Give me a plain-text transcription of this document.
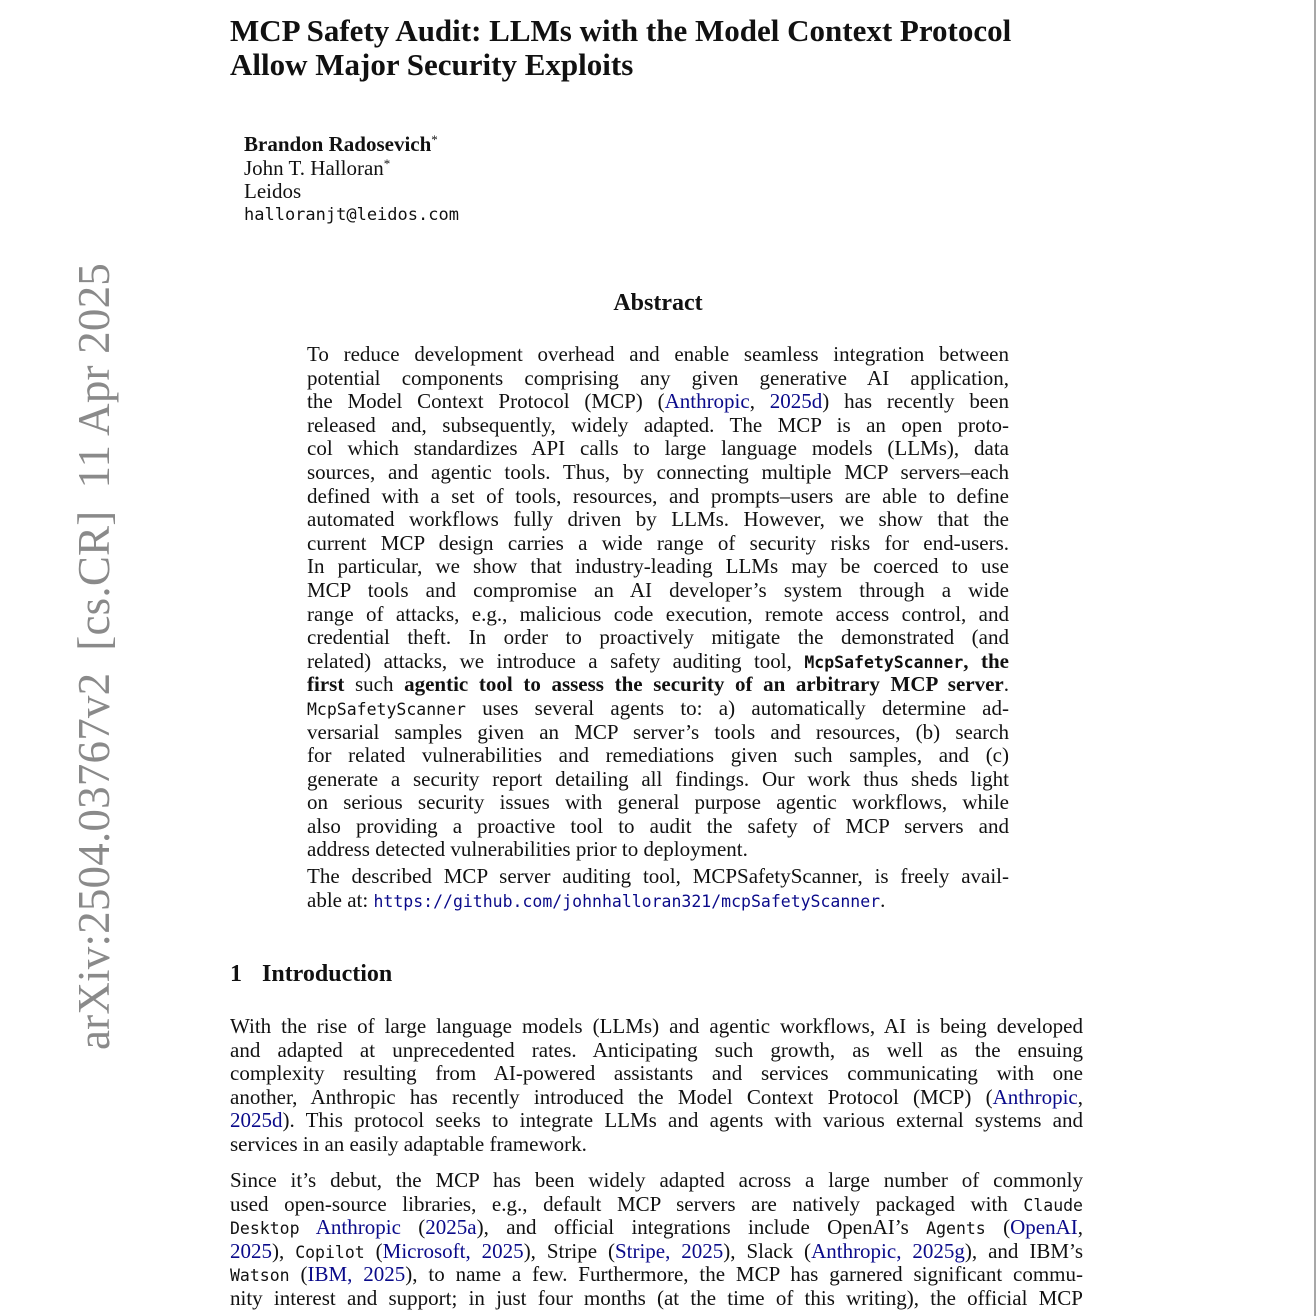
arXiv:2504.03767v2[cs.CR]11 Apr 2025
MCP Safety Audit: LLMs with the Model Context Protocol
Allow Major Security Exploits
Brandon Radosevich*
John T. Halloran*
Leidos
halloranjt@leidos.com
Abstract
To reduce development overhead and enable seamless integration between
potential components comprising any given generative AI application,
the Model Context Protocol (MCP) (Anthropic, 2025d) has recently been
released and, subsequently, widely adapted. The MCP is an open proto-
col which standardizes API calls to large language models (LLMs), data
sources, and agentic tools. Thus, by connecting multiple MCP servers–each
defined with a set of tools, resources, and prompts–users are able to define
automated workflows fully driven by LLMs. However, we show that the
current MCP design carries a wide range of security risks for end-users.
In particular, we show that industry-leading LLMs may be coerced to use
MCP tools and compromise an AI developer’s system through a wide
range of attacks, e.g., malicious code execution, remote access control, and
credential theft. In order to proactively mitigate the demonstrated (and
related) attacks, we introduce a safety auditing tool, McpSafetyScanner, the
first such agentic tool to assess the security of an arbitrary MCP server.
McpSafetyScanner uses several agents to: a) automatically determine ad-
versarial samples given an MCP server’s tools and resources, (b) search
for related vulnerabilities and remediations given such samples, and (c)
generate a security report detailing all findings. Our work thus sheds light
on serious security issues with general purpose agentic workflows, while
also providing a proactive tool to audit the safety of MCP servers and
address detected vulnerabilities prior to deployment.
The described MCP server auditing tool, MCPSafetyScanner, is freely avail-
able at: https://github.com/johnhalloran321/mcpSafetyScanner.
1 Introduction
With the rise of large language models (LLMs) and agentic workflows, AI is being developed
and adapted at unprecedented rates. Anticipating such growth, as well as the ensuing
complexity resulting from AI-powered assistants and services communicating with one
another, Anthropic has recently introduced the Model Context Protocol (MCP) (Anthropic,
2025d). This protocol seeks to integrate LLMs and agents with various external systems and
services in an easily adaptable framework.
Since it’s debut, the MCP has been widely adapted across a large number of commonly
used open-source libraries, e.g., default MCP servers are natively packaged with Claude
Desktop Anthropic (2025a), and official integrations include OpenAI’s Agents (OpenAI,
2025), Copilot (Microsoft, 2025), Stripe (Stripe, 2025), Slack (Anthropic, 2025g), and IBM’s
Watson (IBM, 2025), to name a few. Furthermore, the MCP has garnered significant commu-
nity interest and support; in just four months (at the time of this writing), the official MCP
